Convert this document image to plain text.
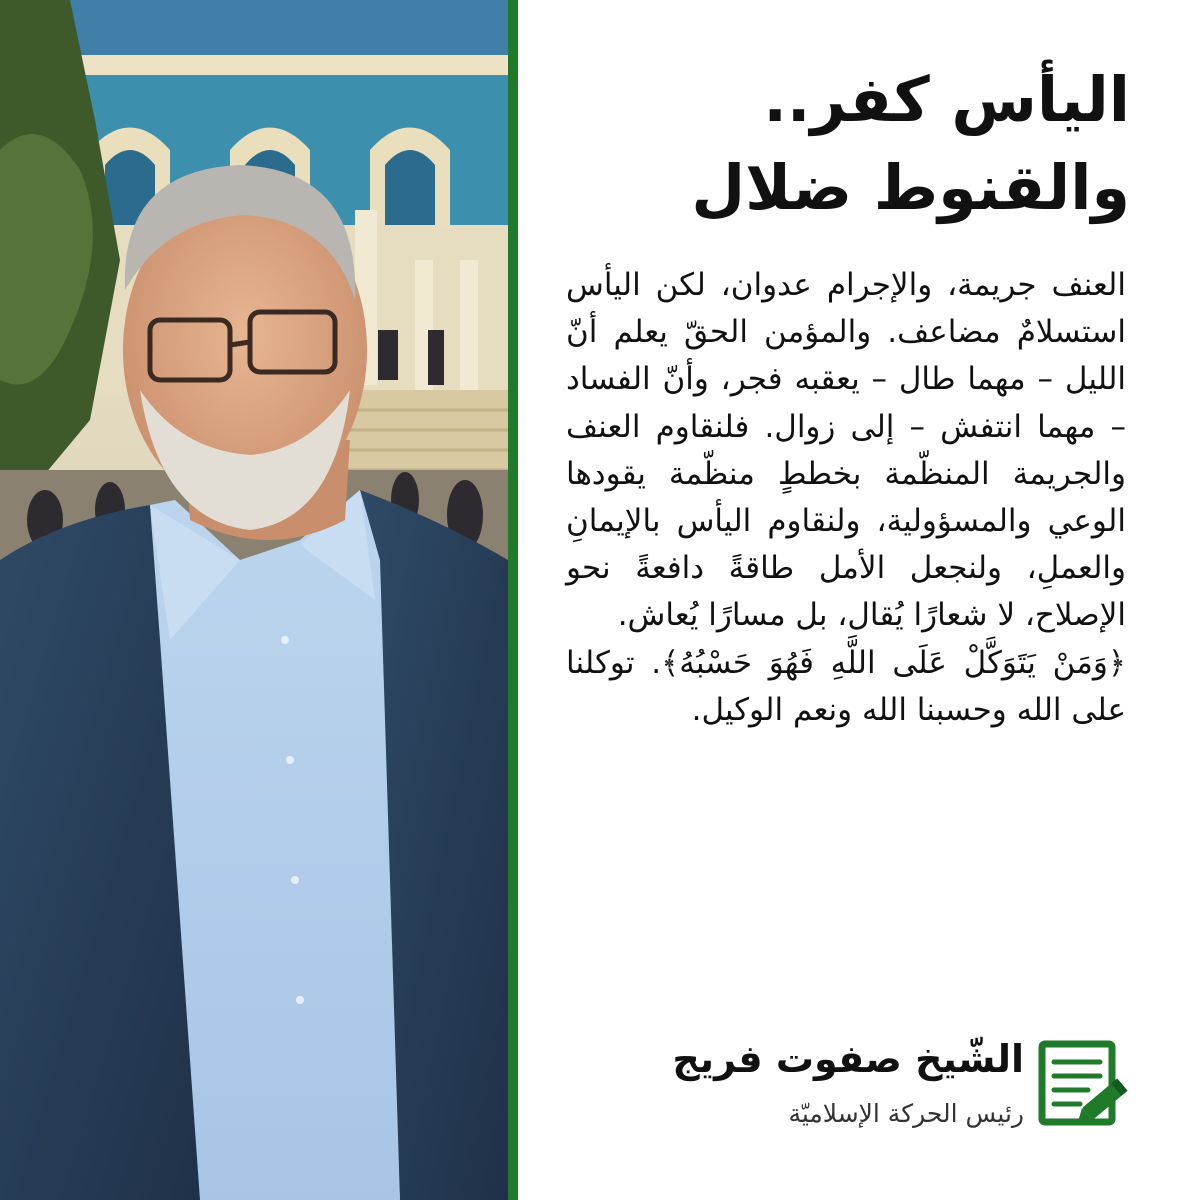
اليأس كفر..
والقنوط ضلال

العنف جريمة، والإجرام عدوان، لكن اليأس استسلامٌ مضاعف. والمؤمن الحقّ يعلم أنّ الليل – مهما طال – يعقبه فجر، وأنّ الفساد – مهما انتفش – إلى زوال. فلنقاوم العنف والجريمة المنظّمة بخططٍ منظّمة يقودها الوعي والمسؤولية، ولنقاوم اليأس بالإيمانِ والعملِ، ولنجعل الأمل طاقةً دافعةً نحو الإصلاح، لا شعارًا يُقال، بل مسارًا يُعاش.

﴿وَمَنْ يَتَوَكَّلْ عَلَى اللَّهِ فَهُوَ حَسْبُهُ﴾. توكلنا على الله وحسبنا الله ونعم الوكيل.

الشّيخ صفوت فريج
رئيس الحركة الإسلاميّة
